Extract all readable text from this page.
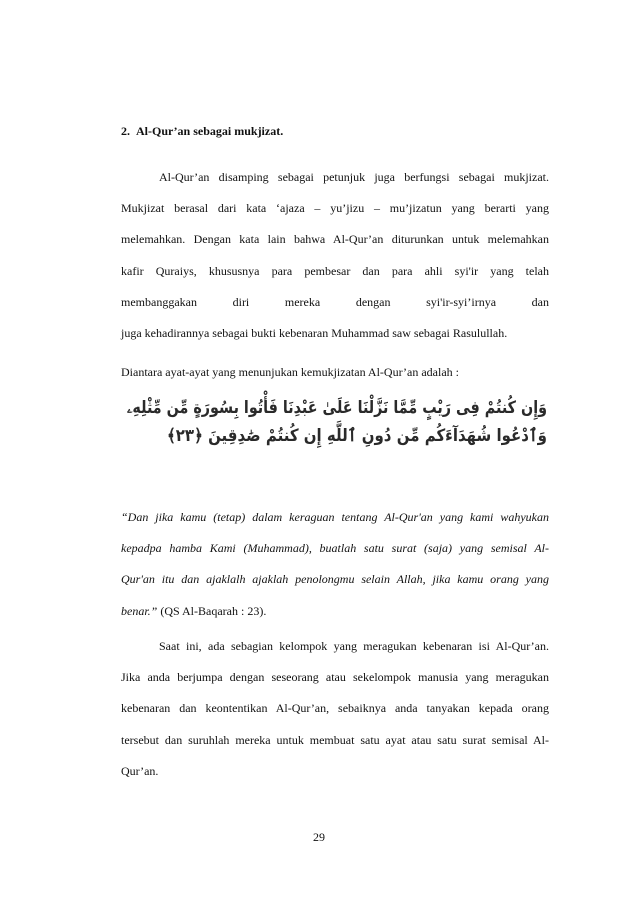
2. Al-Qur’an sebagai mukjizat.
Al-Qur’an disamping sebagai petunjuk juga berfungsi sebagai mukjizat.
Mukjizat berasal dari kata ‘ajaza – yu’jizu – mu’jizatun yang berarti yang
melemahkan. Dengan kata lain bahwa Al-Qur’an diturunkan untuk melemahkan
kafir Quraiys, khususnya para pembesar dan para ahli syi'ir yang telah
membanggakan diri mereka dengan syi'ir-syi’irnya dan
juga kehadirannya sebagai bukti kebenaran Muhammad saw sebagai Rasulullah.
Diantara ayat-ayat yang menunjukan kemukjizatan Al-Qur’an adalah :
وَإِن كُنتُمْ فِى رَيْبٍ مِّمَّا نَزَّلْنَا عَلَىٰ عَبْدِنَا فَأْتُوا بِسُورَةٍ مِّن مِّثْلِهِۦ
وَٱدْعُوا شُهَدَآءَكُم مِّن دُونِ ٱللَّهِ إِن كُنتُمْ صَٰدِقِينَ ﴿٢٣﴾
“Dan jika kamu (tetap) dalam keraguan tentang Al-Qur'an yang kami wahyukan
kepadpa hamba Kami (Muhammad), buatlah satu surat (saja) yang semisal Al-
Qur'an itu dan ajaklalh ajaklah penolongmu selain Allah, jika kamu orang yang
benar.” (QS Al-Baqarah : 23).
Saat ini, ada sebagian kelompok yang meragukan kebenaran isi Al-Qur’an.
Jika anda berjumpa dengan seseorang atau sekelompok manusia yang meragukan
kebenaran dan keontentikan Al-Qur’an, sebaiknya anda tanyakan kepada orang
tersebut dan suruhlah mereka untuk membuat satu ayat atau satu surat semisal Al-
Qur’an.
29
